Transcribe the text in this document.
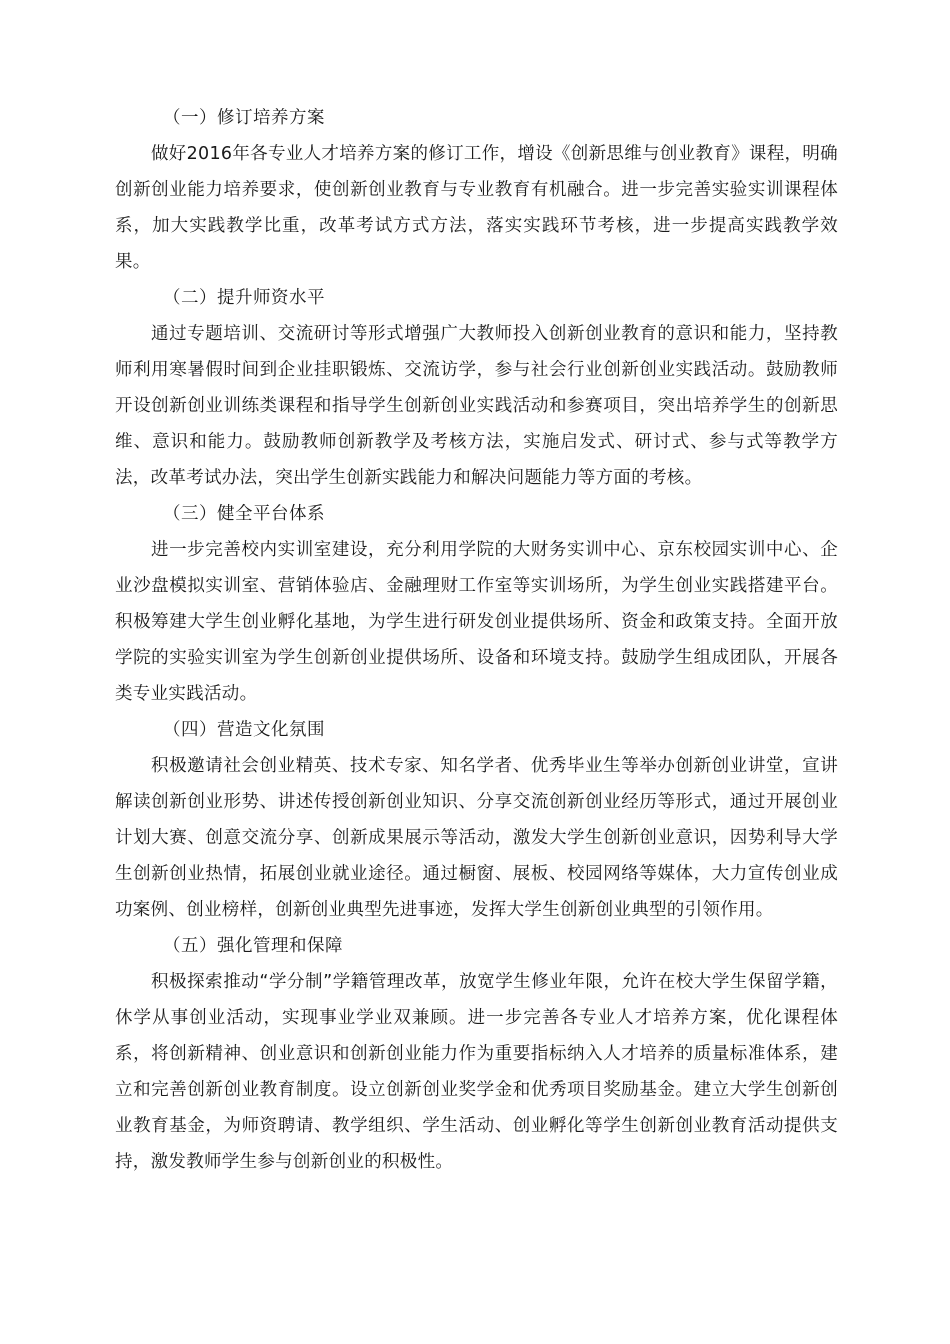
（一）修订培养方案

做好2016年各专业人才培养方案的修订工作，增设《创新思维与创业教育》课程，明确创新创业能力培养要求，使创新创业教育与专业教育有机融合。进一步完善实验实训课程体系，加大实践教学比重，改革考试方式方法，落实实践环节考核，进一步提高实践教学效果。

（二）提升师资水平

通过专题培训、交流研讨等形式增强广大教师投入创新创业教育的意识和能力，坚持教师利用寒暑假时间到企业挂职锻炼、交流访学，参与社会行业创新创业实践活动。鼓励教师开设创新创业训练类课程和指导学生创新创业实践活动和参赛项目，突出培养学生的创新思维、意识和能力。鼓励教师创新教学及考核方法，实施启发式、研讨式、参与式等教学方法，改革考试办法，突出学生创新实践能力和解决问题能力等方面的考核。

（三）健全平台体系

进一步完善校内实训室建设，充分利用学院的大财务实训中心、京东校园实训中心、企业沙盘模拟实训室、营销体验店、金融理财工作室等实训场所，为学生创业实践搭建平台。积极筹建大学生创业孵化基地，为学生进行研发创业提供场所、资金和政策支持。全面开放学院的实验实训室为学生创新创业提供场所、设备和环境支持。鼓励学生组成团队，开展各类专业实践活动。

（四）营造文化氛围

积极邀请社会创业精英、技术专家、知名学者、优秀毕业生等举办创新创业讲堂，宣讲解读创新创业形势、讲述传授创新创业知识、分享交流创新创业经历等形式，通过开展创业计划大赛、创意交流分享、创新成果展示等活动，激发大学生创新创业意识，因势利导大学生创新创业热情，拓展创业就业途径。通过橱窗、展板、校园网络等媒体，大力宣传创业成功案例、创业榜样，创新创业典型先进事迹，发挥大学生创新创业典型的引领作用。

（五）强化管理和保障

积极探索推动“学分制”学籍管理改革，放宽学生修业年限，允许在校大学生保留学籍，休学从事创业活动，实现事业学业双兼顾。进一步完善各专业人才培养方案，优化课程体系，将创新精神、创业意识和创新创业能力作为重要指标纳入人才培养的质量标准体系，建立和完善创新创业教育制度。设立创新创业奖学金和优秀项目奖励基金。建立大学生创新创业教育基金，为师资聘请、教学组织、学生活动、创业孵化等学生创新创业教育活动提供支持，激发教师学生参与创新创业的积极性。
